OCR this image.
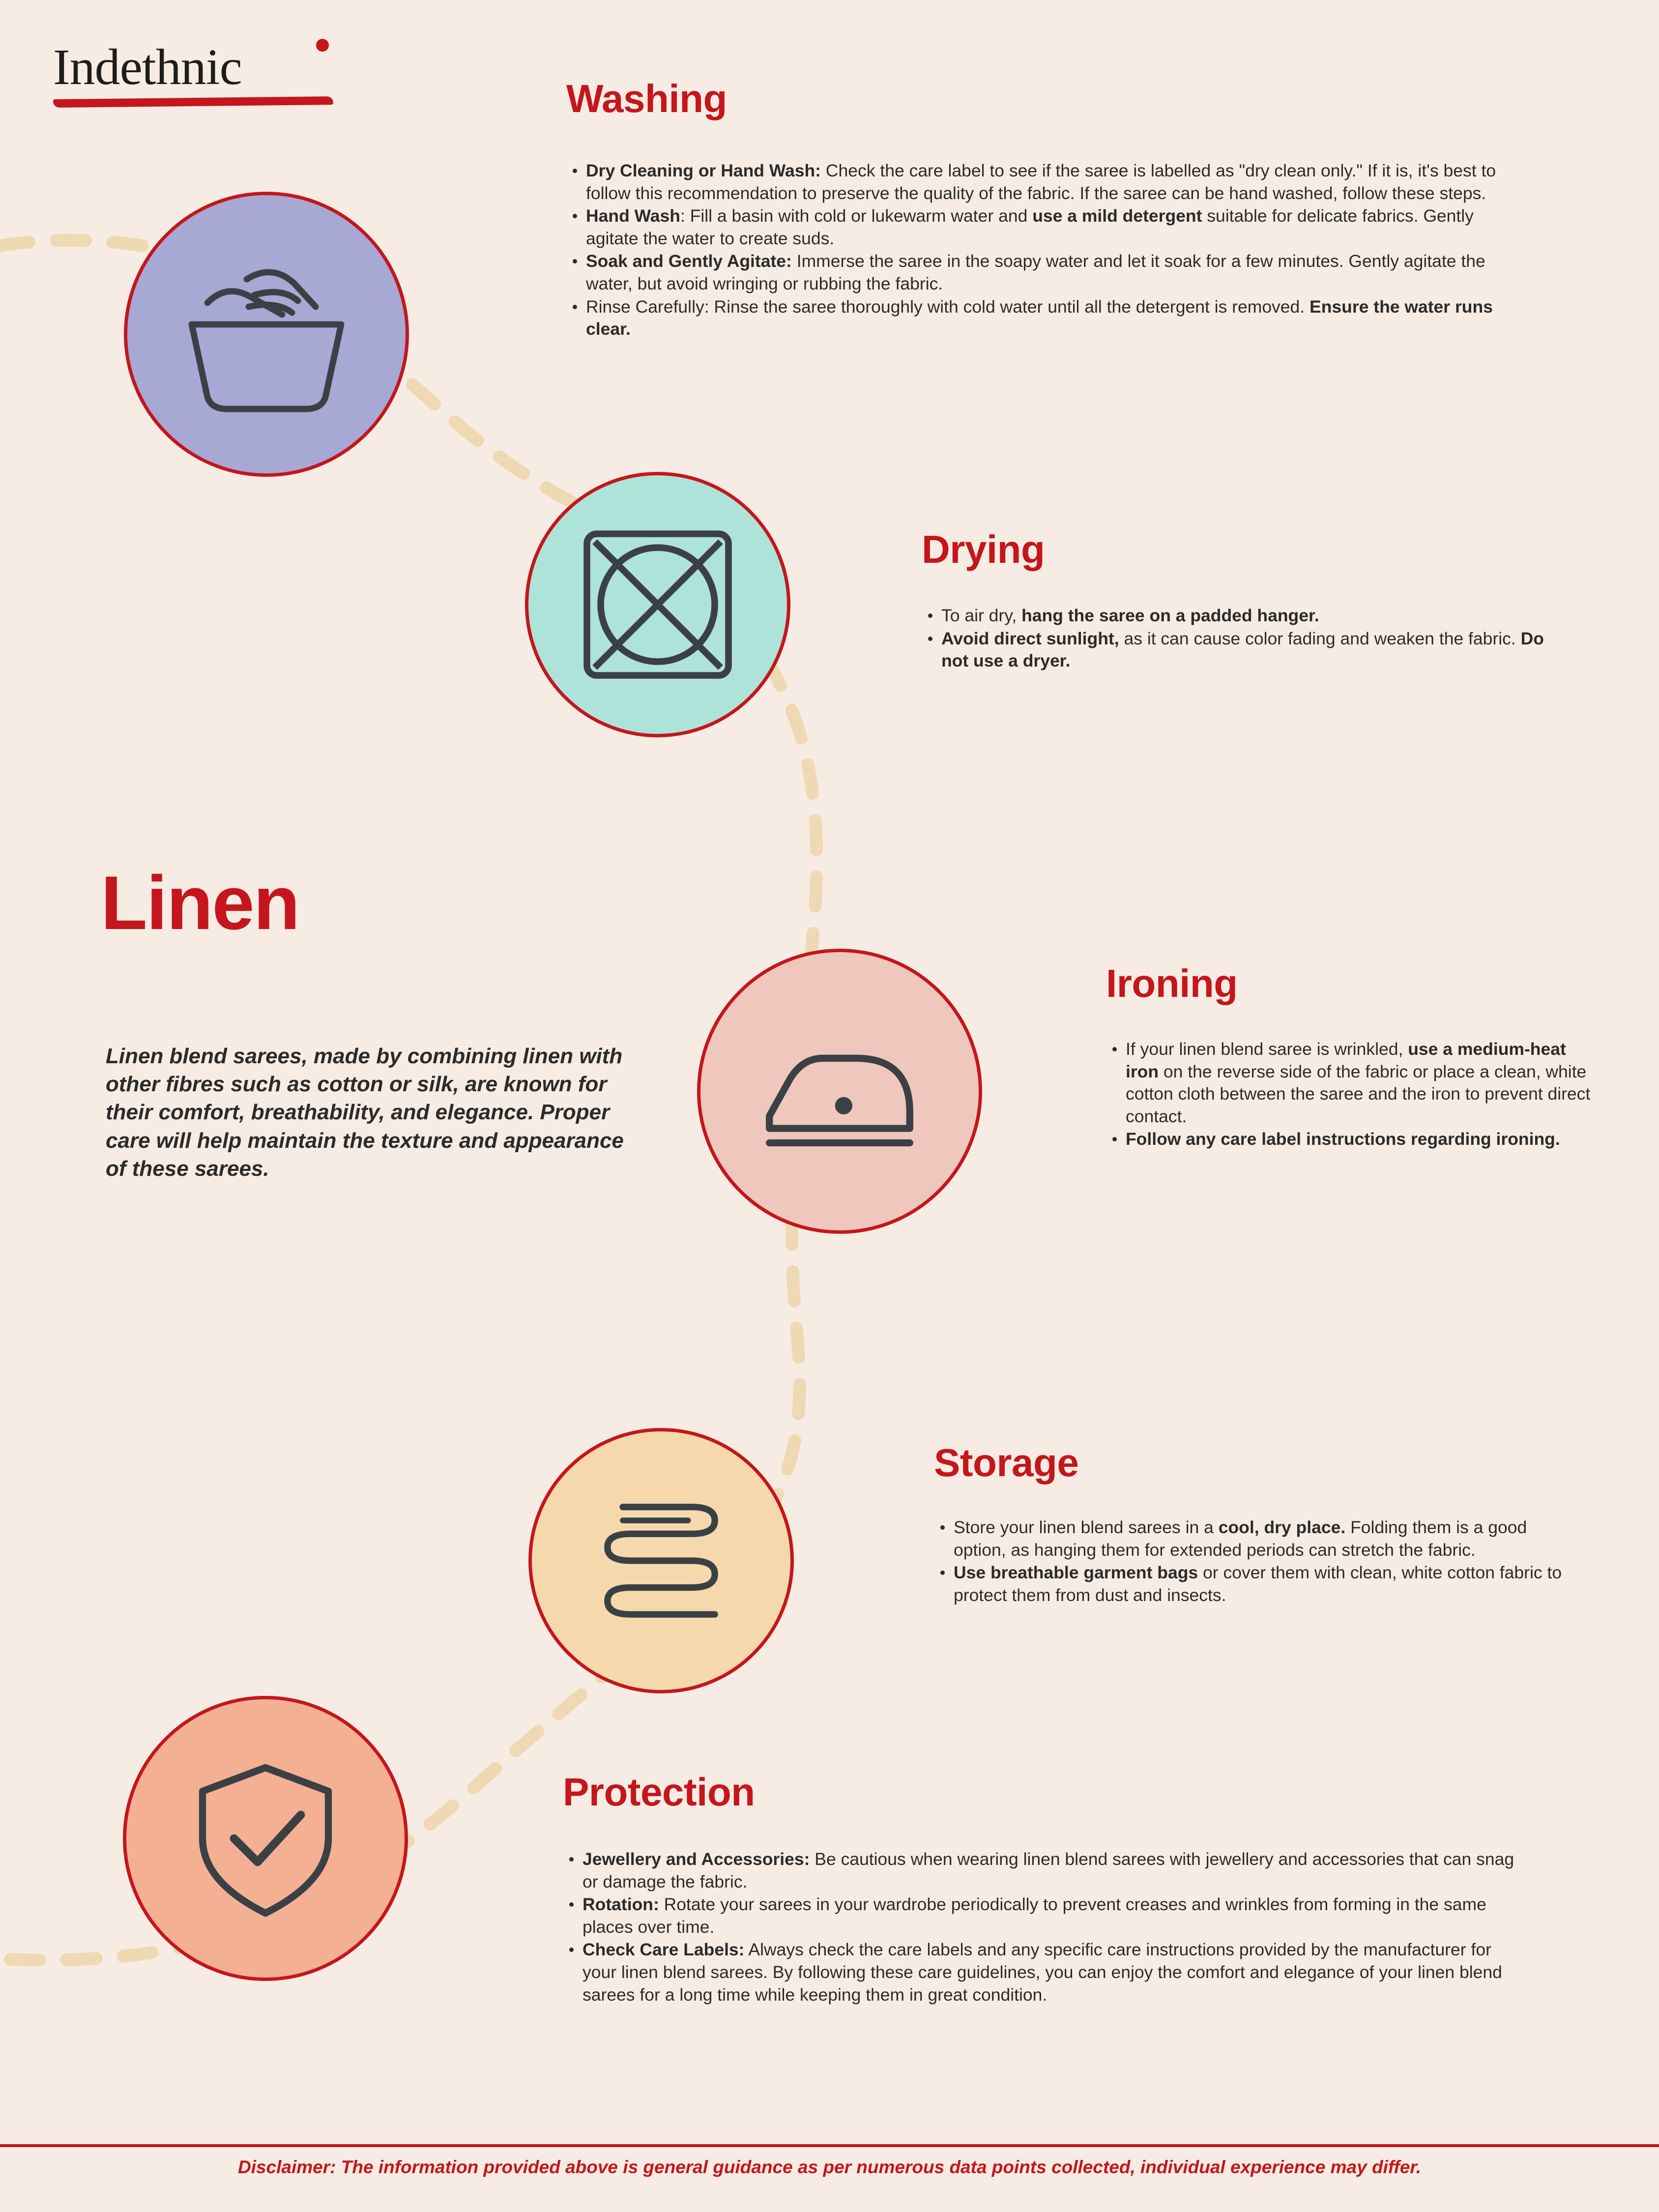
Indethnic
Washing
Dry Cleaning or Hand Wash: Check the care label to see if the saree is labelled as "dry clean only." If it is, it's best to follow this recommendation to preserve the quality of the fabric. If the saree can be hand washed, follow these steps.
Hand Wash: Fill a basin with cold or lukewarm water and use a mild detergent suitable for delicate fabrics. Gently agitate the water to create suds.
Soak and Gently Agitate: Immerse the saree in the soapy water and let it soak for a few minutes. Gently agitate the water, but avoid wringing or rubbing the fabric.
Rinse Carefully: Rinse the saree thoroughly with cold water until all the detergent is removed. Ensure the water runs clear.
Drying
To air dry, hang the saree on a padded hanger.
Avoid direct sunlight, as it can cause color fading and weaken the fabric. Do not use a dryer.
Ironing
If your linen blend saree is wrinkled, use a medium-heat iron on the reverse side of the fabric or place a clean, white cotton cloth between the saree and the iron to prevent direct contact.
Follow any care label instructions regarding ironing.
Storage
Store your linen blend sarees in a cool, dry place. Folding them is a good option, as hanging them for extended periods can stretch the fabric.
Use breathable garment bags or cover them with clean, white cotton fabric to protect them from dust and insects.
Protection
Jewellery and Accessories: Be cautious when wearing linen blend sarees with jewellery and accessories that can snag or damage the fabric.
Rotation: Rotate your sarees in your wardrobe periodically to prevent creases and wrinkles from forming in the same places over time.
Check Care Labels: Always check the care labels and any specific care instructions provided by the manufacturer for your linen blend sarees. By following these care guidelines, you can enjoy the comfort and elegance of your linen blend sarees for a long time while keeping them in great condition.
Linen
Linen blend sarees, made by combining linen with other fibres such as cotton or silk, are known for their comfort, breathability, and elegance. Proper care will help maintain the texture and appearance of these sarees.
Disclaimer: The information provided above is general guidance as per numerous data points collected, individual experience may differ.
